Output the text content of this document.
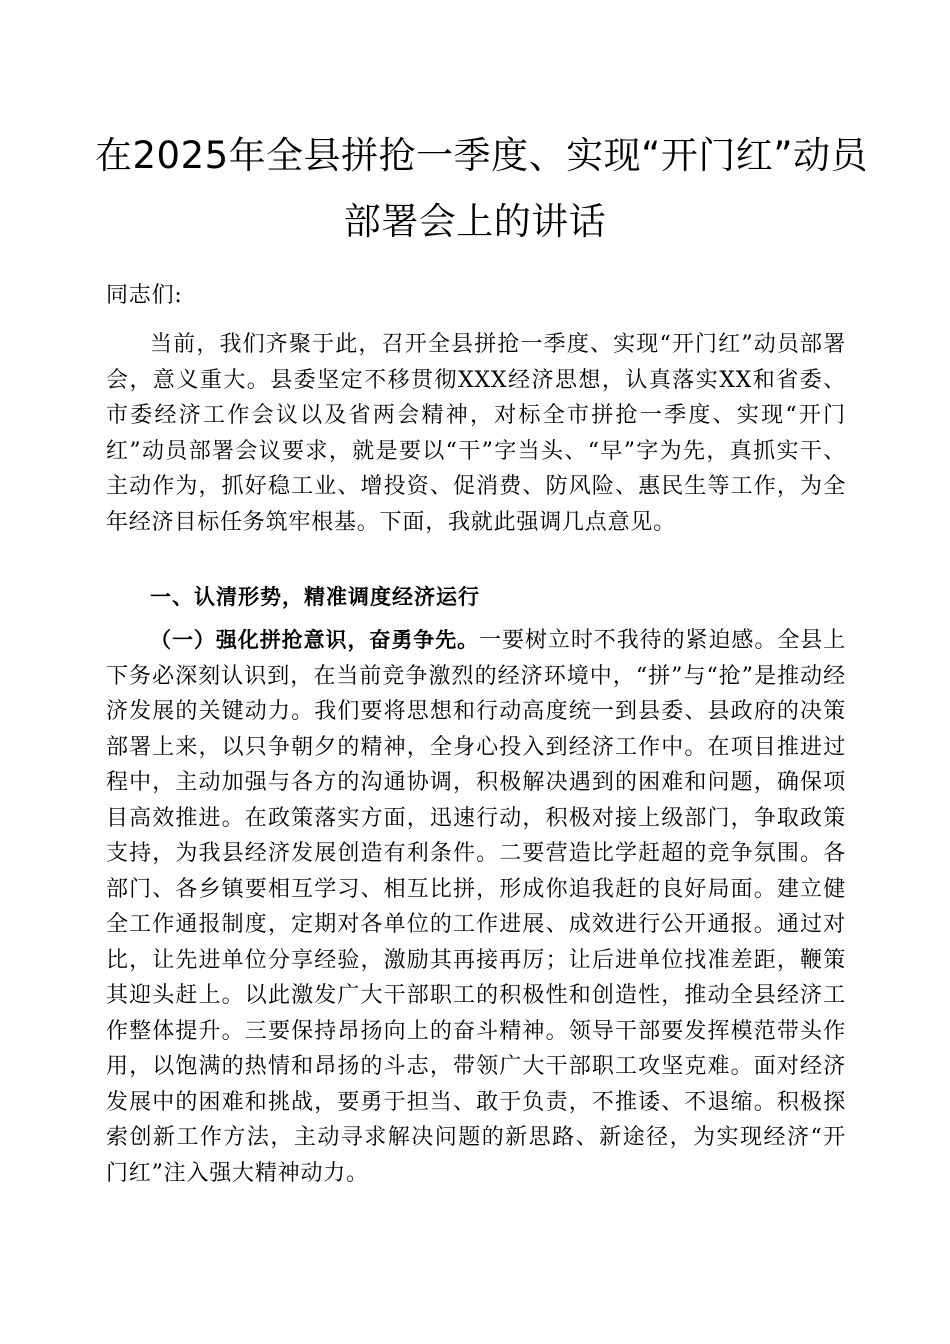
在2025年全县拼抢一季度、实现“开门红”动员
部署会上的讲话
同志们:
当前，我们齐聚于此，召开全县拼抢一季度、实现“开门红”动员部署会，意义重大。县委坚定不移贯彻XXX经济思想，认真落实XX和省委、市委经济工作会议以及省两会精神，对标全市拼抢一季度、实现“开门红”动员部署会议要求，就是要以“干”字当头、“早”字为先，真抓实干、主动作为，抓好稳工业、增投资、促消费、防风险、惠民生等工作，为全年经济目标任务筑牢根基。下面，我就此强调几点意见。
一、认清形势，精准调度经济运行
（一）强化拼抢意识，奋勇争先。一要树立时不我待的紧迫感。全县上下务必深刻认识到，在当前竞争激烈的经济环境中，“拼”与“抢”是推动经济发展的关键动力。我们要将思想和行动高度统一到县委、县政府的决策部署上来，以只争朝夕的精神，全身心投入到经济工作中。在项目推进过程中，主动加强与各方的沟通协调，积极解决遇到的困难和问题，确保项目高效推进。在政策落实方面，迅速行动，积极对接上级部门，争取政策支持，为我县经济发展创造有利条件。二要营造比学赶超的竞争氛围。各部门、各乡镇要相互学习、相互比拼，形成你追我赶的良好局面。建立健全工作通报制度，定期对各单位的工作进展、成效进行公开通报。通过对比，让先进单位分享经验，激励其再接再厉；让后进单位找准差距，鞭策其迎头赶上。以此激发广大干部职工的积极性和创造性，推动全县经济工作整体提升。三要保持昂扬向上的奋斗精神。领导干部要发挥模范带头作用，以饱满的热情和昂扬的斗志，带领广大干部职工攻坚克难。面对经济发展中的困难和挑战，要勇于担当、敢于负责，不推诿、不退缩。积极探索创新工作方法，主动寻求解决问题的新思路、新途径，为实现经济“开门红”注入强大精神动力。
